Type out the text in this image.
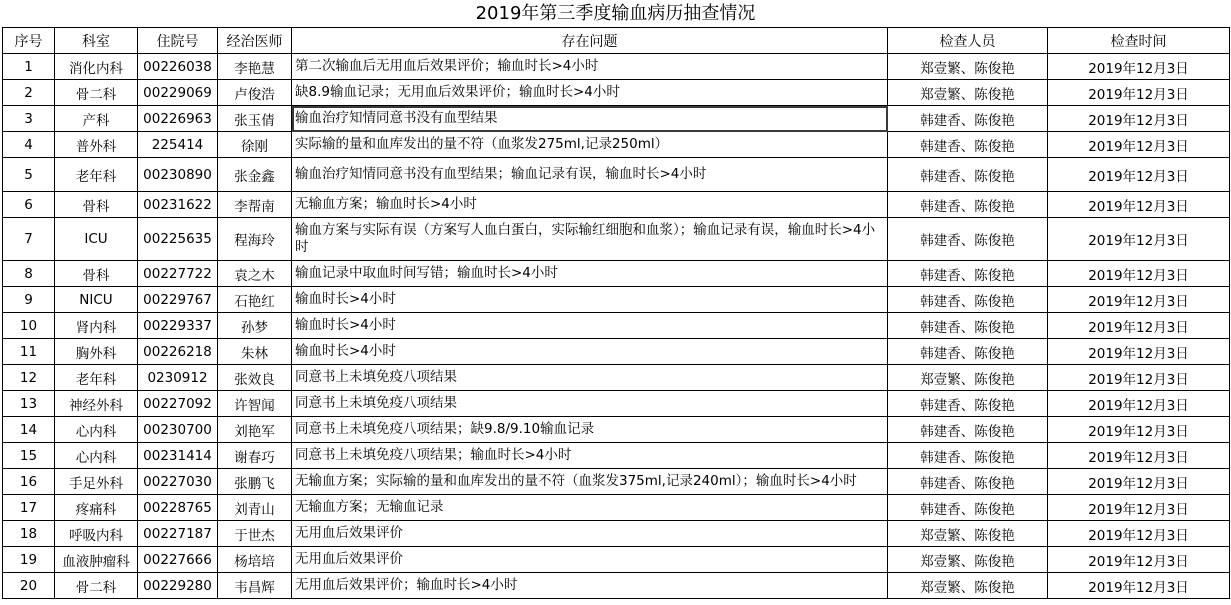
2019年第三季度输血病历抽查情况
序号	科室	住院号	经治医师	存在问题	检查人员	检查时间
1	消化内科	00226038	李艳慧	第二次输血后无用血后效果评价；输血时长>4小时	郑壹繁、陈俊艳	2019年12月3日
2	骨二科	00229069	卢俊浩	缺8.9输血记录；无用血后效果评价；输血时长>4小时	郑壹繁、陈俊艳	2019年12月3日
3	产科	00226963	张玉倩	输血治疗知情同意书没有血型结果	韩建香、陈俊艳	2019年12月3日
4	普外科	225414	徐刚	实际输的量和血库发出的量不符（血浆发275ml,记录250ml）	韩建香、陈俊艳	2019年12月3日
5	老年科	00230890	张金鑫	输血治疗知情同意书没有血型结果；输血记录有误，输血时长>4小时	韩建香、陈俊艳	2019年12月3日
6	骨科	00231622	李帮南	无输血方案；输血时长>4小时	韩建香、陈俊艳	2019年12月3日
7	ICU	00225635	程海玲	输血方案与实际有误（方案写人血白蛋白，实际输红细胞和血浆）；输血记录有误，输血时长>4小时	韩建香、陈俊艳	2019年12月3日
8	骨科	00227722	袁之木	输血记录中取血时间写错；输血时长>4小时	韩建香、陈俊艳	2019年12月3日
9	NICU	00229767	石艳红	输血时长>4小时	韩建香、陈俊艳	2019年12月3日
10	肾内科	00229337	孙梦	输血时长>4小时	韩建香、陈俊艳	2019年12月3日
11	胸外科	00226218	朱林	输血时长>4小时	韩建香、陈俊艳	2019年12月3日
12	老年科	0230912	张效良	同意书上未填免疫八项结果	郑壹繁、陈俊艳	2019年12月3日
13	神经外科	00227092	许智闻	同意书上未填免疫八项结果	韩建香、陈俊艳	2019年12月3日
14	心内科	00230700	刘艳军	同意书上未填免疫八项结果；缺9.8/9.10输血记录	韩建香、陈俊艳	2019年12月3日
15	心内科	00231414	谢春巧	同意书上未填免疫八项结果；输血时长>4小时	韩建香、陈俊艳	2019年12月3日
16	手足外科	00227030	张鹏飞	无输血方案；实际输的量和血库发出的量不符（血浆发375ml,记录240ml）；输血时长>4小时	韩建香、陈俊艳	2019年12月3日
17	疼痛科	00228765	刘青山	无输血方案；无输血记录	韩建香、陈俊艳	2019年12月3日
18	呼吸内科	00227187	于世杰	无用血后效果评价	郑壹繁、陈俊艳	2019年12月3日
19	血液肿瘤科	00227666	杨培培	无用血后效果评价	郑壹繁、陈俊艳	2019年12月3日
20	骨二科	00229280	韦昌辉	无用血后效果评价；输血时长>4小时	郑壹繁、陈俊艳	2019年12月3日
